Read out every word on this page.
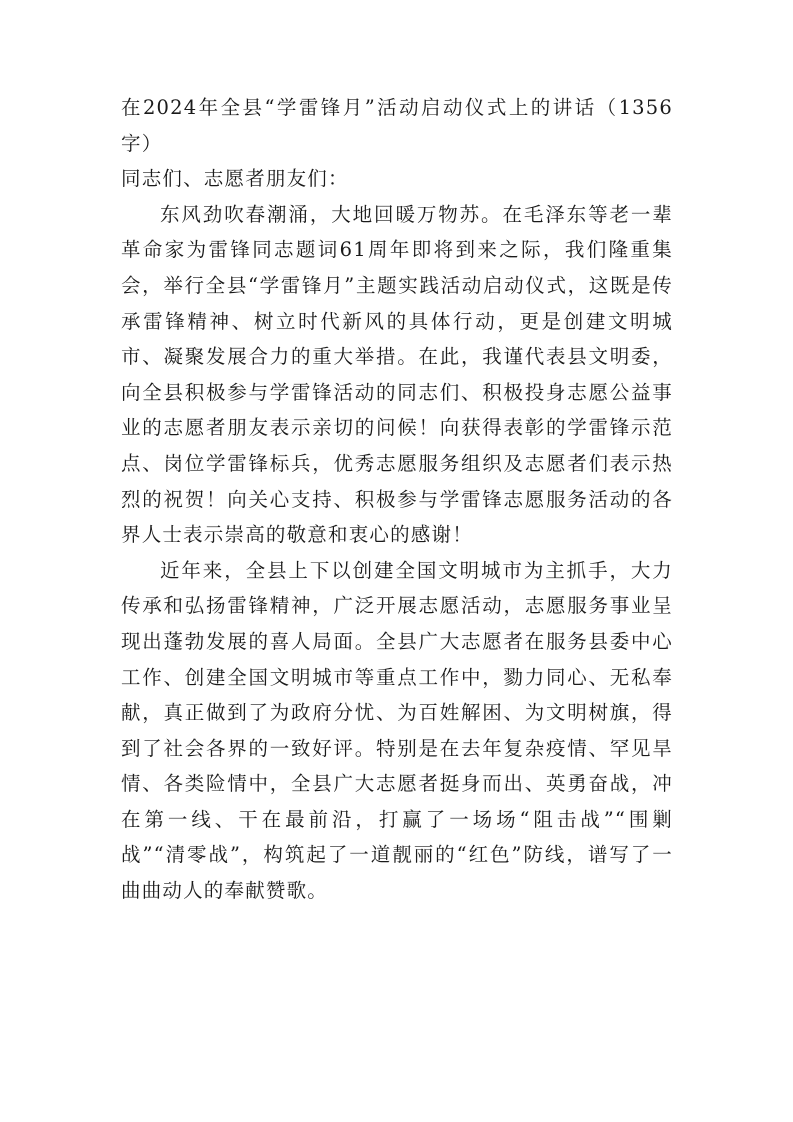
在2024年全县“学雷锋月”活动启动仪式上的讲话（1356字）

同志们、志愿者朋友们：

东风劲吹春潮涌，大地回暖万物苏。在毛泽东等老一辈革命家为雷锋同志题词61周年即将到来之际，我们隆重集会，举行全县“学雷锋月”主题实践活动启动仪式，这既是传承雷锋精神、树立时代新风的具体行动，更是创建文明城市、凝聚发展合力的重大举措。在此，我谨代表县文明委，向全县积极参与学雷锋活动的同志们、积极投身志愿公益事业的志愿者朋友表示亲切的问候！向获得表彰的学雷锋示范点、岗位学雷锋标兵，优秀志愿服务组织及志愿者们表示热烈的祝贺！向关心支持、积极参与学雷锋志愿服务活动的各界人士表示崇高的敬意和衷心的感谢！

近年来，全县上下以创建全国文明城市为主抓手，大力传承和弘扬雷锋精神，广泛开展志愿活动，志愿服务事业呈现出蓬勃发展的喜人局面。全县广大志愿者在服务县委中心工作、创建全国文明城市等重点工作中，勠力同心、无私奉献，真正做到了为政府分忧、为百姓解困、为文明树旗，得到了社会各界的一致好评。特别是在去年复杂疫情、罕见旱情、各类险情中，全县广大志愿者挺身而出、英勇奋战，冲在第一线、干在最前沿，打赢了一场场“阻击战”“围剿战”“清零战”，构筑起了一道靓丽的“红色”防线，谱写了一曲曲动人的奉献赞歌。
